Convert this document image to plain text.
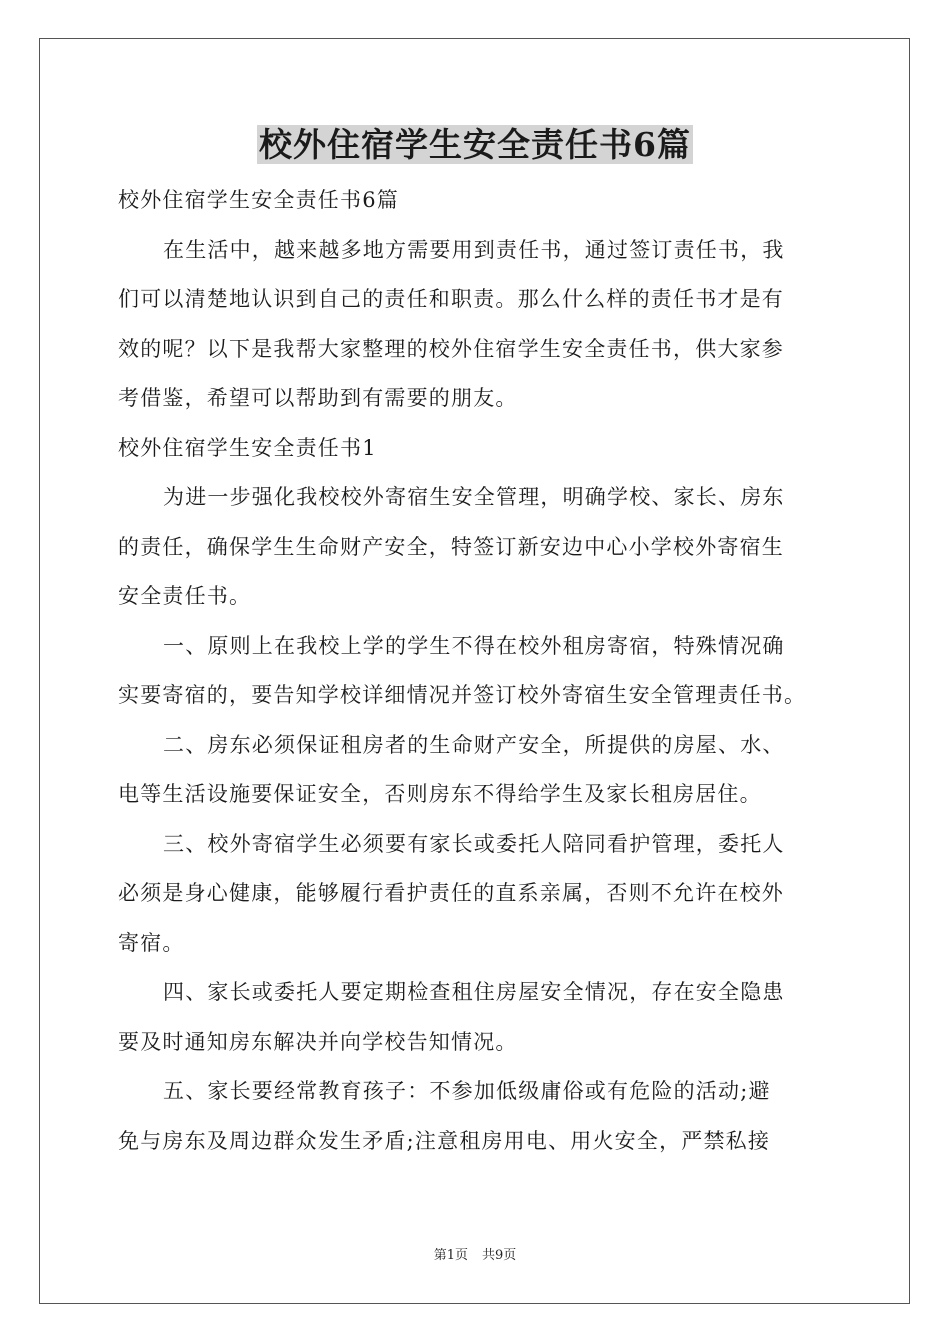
校外住宿学生安全责任书6篇
校外住宿学生安全责任书6篇
在生活中，越来越多地方需要用到责任书，通过签订责任书，我
们可以清楚地认识到自己的责任和职责。那么什么样的责任书才是有
效的呢？以下是我帮大家整理的校外住宿学生安全责任书，供大家参
考借鉴，希望可以帮助到有需要的朋友。
校外住宿学生安全责任书1
为进一步强化我校校外寄宿生安全管理，明确学校、家长、房东
的责任，确保学生生命财产安全，特签订新安边中心小学校外寄宿生
安全责任书。
一、原则上在我校上学的学生不得在校外租房寄宿，特殊情况确
实要寄宿的，要告知学校详细情况并签订校外寄宿生安全管理责任书。
二、房东必须保证租房者的生命财产安全，所提供的房屋、水、
电等生活设施要保证安全，否则房东不得给学生及家长租房居住。
三、校外寄宿学生必须要有家长或委托人陪同看护管理，委托人
必须是身心健康，能够履行看护责任的直系亲属，否则不允许在校外
寄宿。
四、家长或委托人要定期检查租住房屋安全情况，存在安全隐患
要及时通知房东解决并向学校告知情况。
五、家长要经常教育孩子：不参加低级庸俗或有危险的活动;避
免与房东及周边群众发生矛盾;注意租房用电、用火安全，严禁私接
第1页 共9页
